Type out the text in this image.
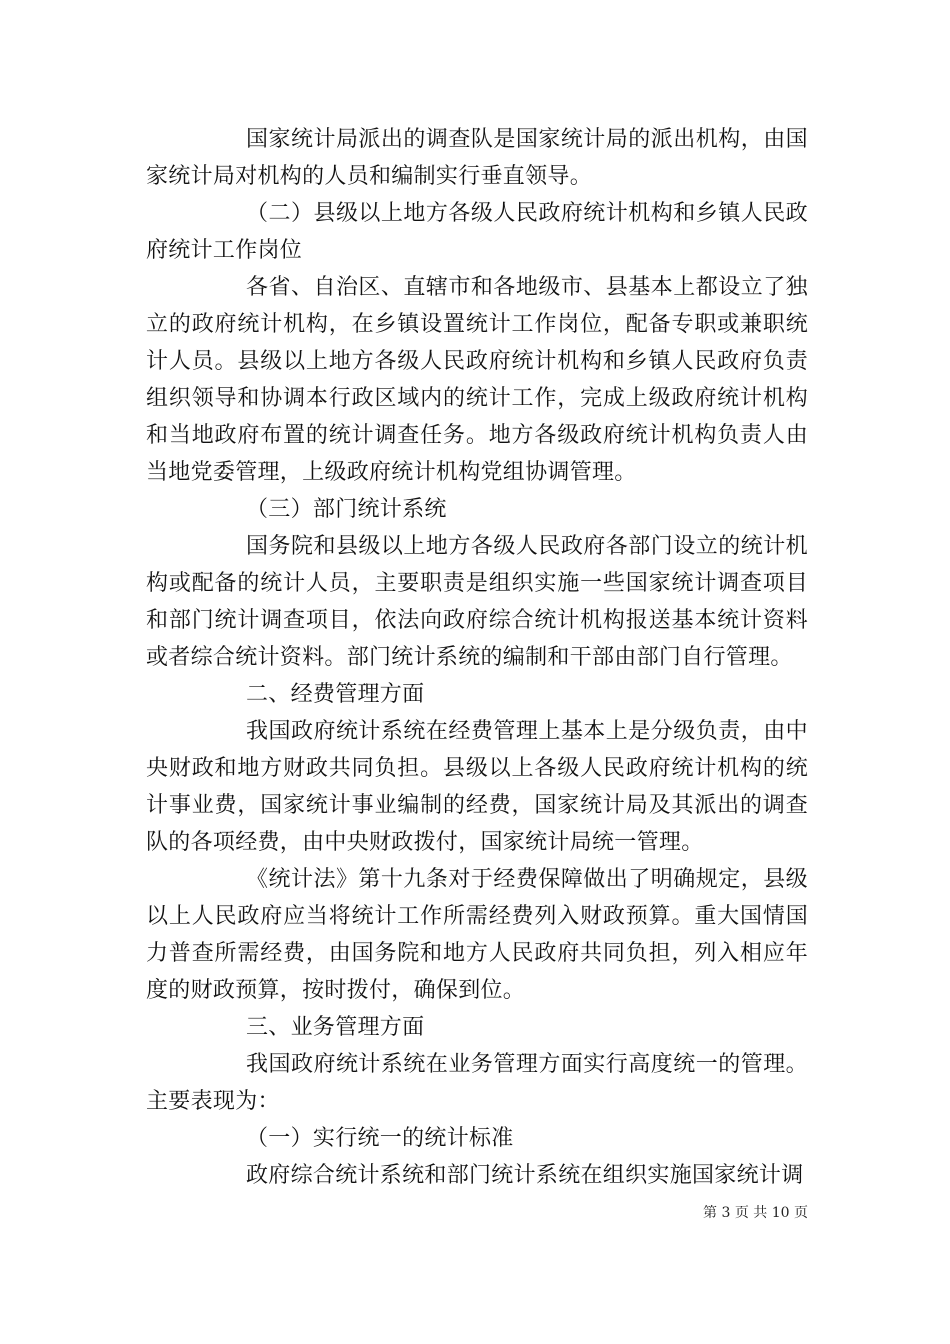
国家统计局派出的调查队是国家统计局的派出机构，由国家统计局对机构的人员和编制实行垂直领导。

（二）县级以上地方各级人民政府统计机构和乡镇人民政府统计工作岗位

各省、自治区、直辖市和各地级市、县基本上都设立了独立的政府统计机构，在乡镇设置统计工作岗位，配备专职或兼职统计人员。县级以上地方各级人民政府统计机构和乡镇人民政府负责组织领导和协调本行政区域内的统计工作，完成上级政府统计机构和当地政府布置的统计调查任务。地方各级政府统计机构负责人由当地党委管理，上级政府统计机构党组协调管理。

（三）部门统计系统

国务院和县级以上地方各级人民政府各部门设立的统计机构或配备的统计人员，主要职责是组织实施一些国家统计调查项目和部门统计调查项目，依法向政府综合统计机构报送基本统计资料或者综合统计资料。部门统计系统的编制和干部由部门自行管理。

二、经费管理方面

我国政府统计系统在经费管理上基本上是分级负责，由中央财政和地方财政共同负担。县级以上各级人民政府统计机构的统计事业费，国家统计事业编制的经费，国家统计局及其派出的调查队的各项经费，由中央财政拨付，国家统计局统一管理。

《统计法》第十九条对于经费保障做出了明确规定，县级以上人民政府应当将统计工作所需经费列入财政预算。重大国情国力普查所需经费，由国务院和地方人民政府共同负担，列入相应年度的财政预算，按时拨付，确保到位。

三、业务管理方面

我国政府统计系统在业务管理方面实行高度统一的管理。主要表现为：

（一）实行统一的统计标准

政府综合统计系统和部门统计系统在组织实施国家统计调

第 3 页 共 10 页
